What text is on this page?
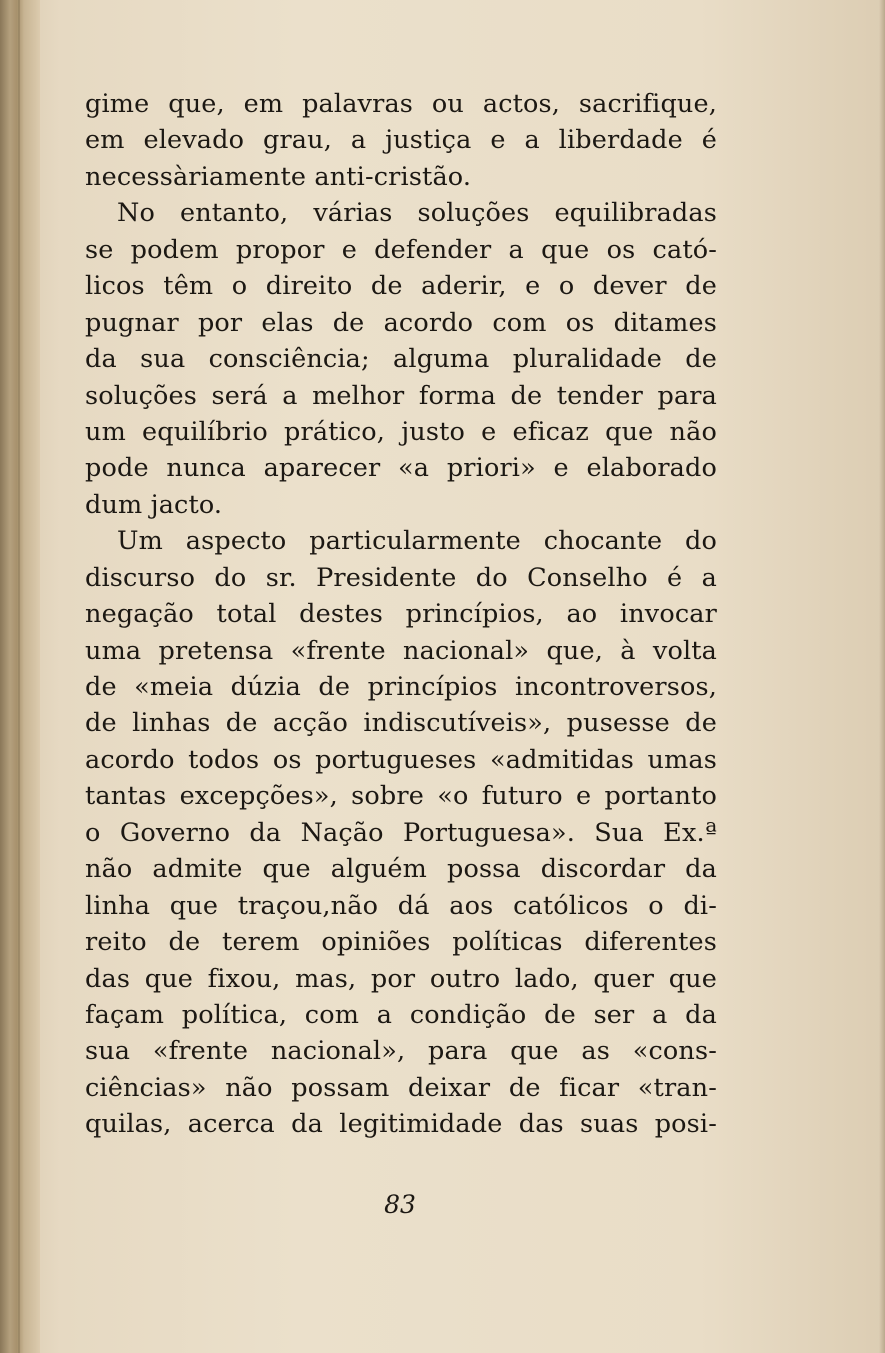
gime que, em palavras ou actos, sacrifique,
em elevado grau, a justiça e a liberdade é
necessàriamente anti-cristão.
No entanto, várias soluções equilibradas
se podem propor e defender a que os cató-
licos têm o direito de aderir, e o dever de
pugnar por elas de acordo com os ditames
da sua consciência; alguma pluralidade de
soluções será a melhor forma de tender para
um equilíbrio prático, justo e eficaz que não
pode nunca aparecer «a priori» e elaborado
dum jacto.
Um aspecto particularmente chocante do
discurso do sr. Presidente do Conselho é a
negação total destes princípios, ao invocar
uma pretensa «frente nacional» que, à volta
de «meia dúzia de princípios incontroversos,
de linhas de acção indiscutíveis», pusesse de
acordo todos os portugueses «admitidas umas
tantas excepções», sobre «o futuro e portanto
o Governo da Nação Portuguesa». Sua Ex.ª
não admite que alguém possa discordar da
linha que traçou,não dá aos católicos o di-
reito de terem opiniões políticas diferentes
das que fixou, mas, por outro lado, quer que
façam política, com a condição de ser a da
sua «frente nacional», para que as «cons-
ciências» não possam deixar de ficar «tran-
quilas, acerca da legitimidade das suas posi-
83
